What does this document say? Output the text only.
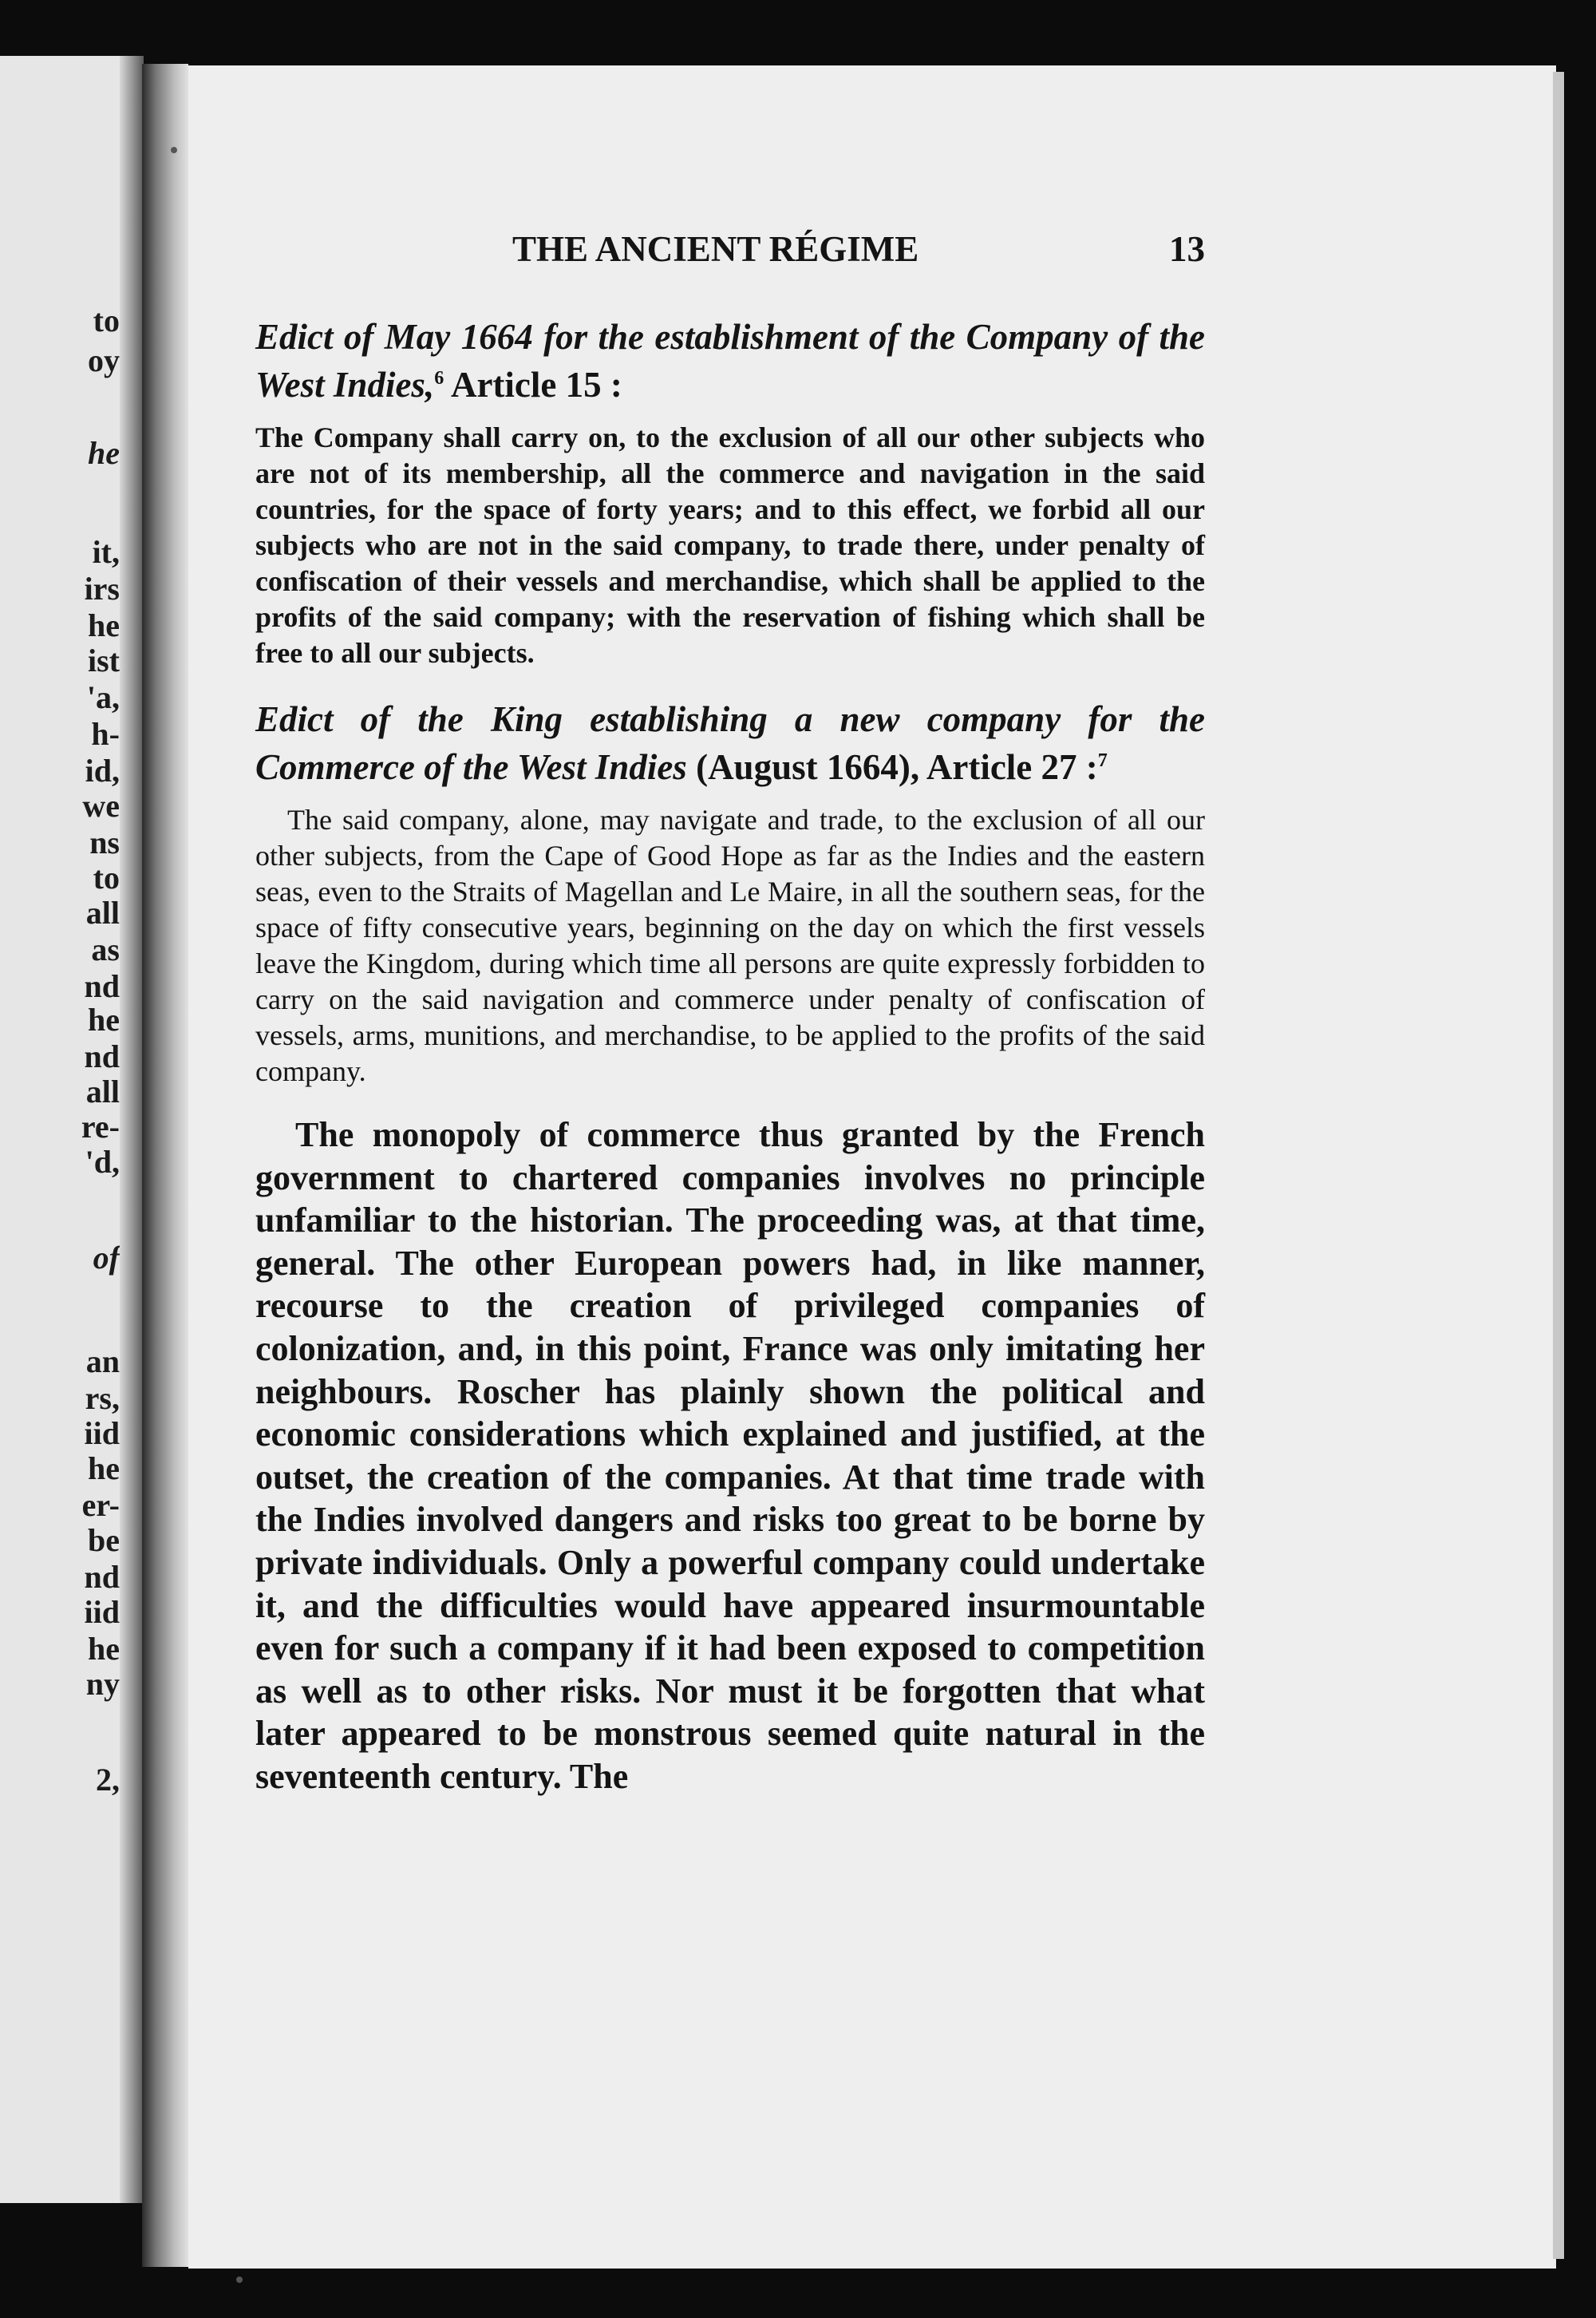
to
oy
he
it,
irs
he
ist
'a,
h-
id,
we
ns
to
all
as
nd
he
nd
all
re-
'd,
of
an
rs,
iid
he
er-
be
nd
iid
he
ny
2,
THE ANCIENT RÉGIME	13
Edict of May 1664 for the establishment of the Company of the West Indies,$^6$ Article 15 :
The Company shall carry on, to the exclusion of all our other subjects who are not of its membership, all the commerce and navigation in the said countries, for the space of forty years; and to this effect, we forbid all our subjects who are not in the said company, to trade there, under penalty of confiscation of their vessels and merchandise, which shall be applied to the profits of the said company; with the reservation of fishing which shall be free to all our subjects.
Edict of the King establishing a new company for the Commerce of the West Indies (August 1664), Article 27 :$^7$
The said company, alone, may navigate and trade, to the exclusion of all our other subjects, from the Cape of Good Hope as far as the Indies and the eastern seas, even to the Straits of Magellan and Le Maire, in all the southern seas, for the space of fifty consecutive years, beginning on the day on which the first vessels leave the Kingdom, during which time all persons are quite expressly forbidden to carry on the said navigation and commerce under penalty of confiscation of vessels, arms, munitions, and merchandise, to be applied to the profits of the said company.
The monopoly of commerce thus granted by the French government to chartered companies involves no principle unfamiliar to the historian. The proceeding was, at that time, general. The other European powers had, in like manner, recourse to the creation of privileged companies of colonization, and, in this point, France was only imitating her neighbours. Roscher has plainly shown the political and economic considerations which explained and justified, at the outset, the creation of the companies. At that time trade with the Indies involved dangers and risks too great to be borne by private individuals. Only a powerful company could undertake it, and the difficulties would have appeared insurmountable even for such a company if it had been exposed to competition as well as to other risks. Nor must it be forgotten that what later appeared to be monstrous seemed quite natural in the seventeenth century. The
